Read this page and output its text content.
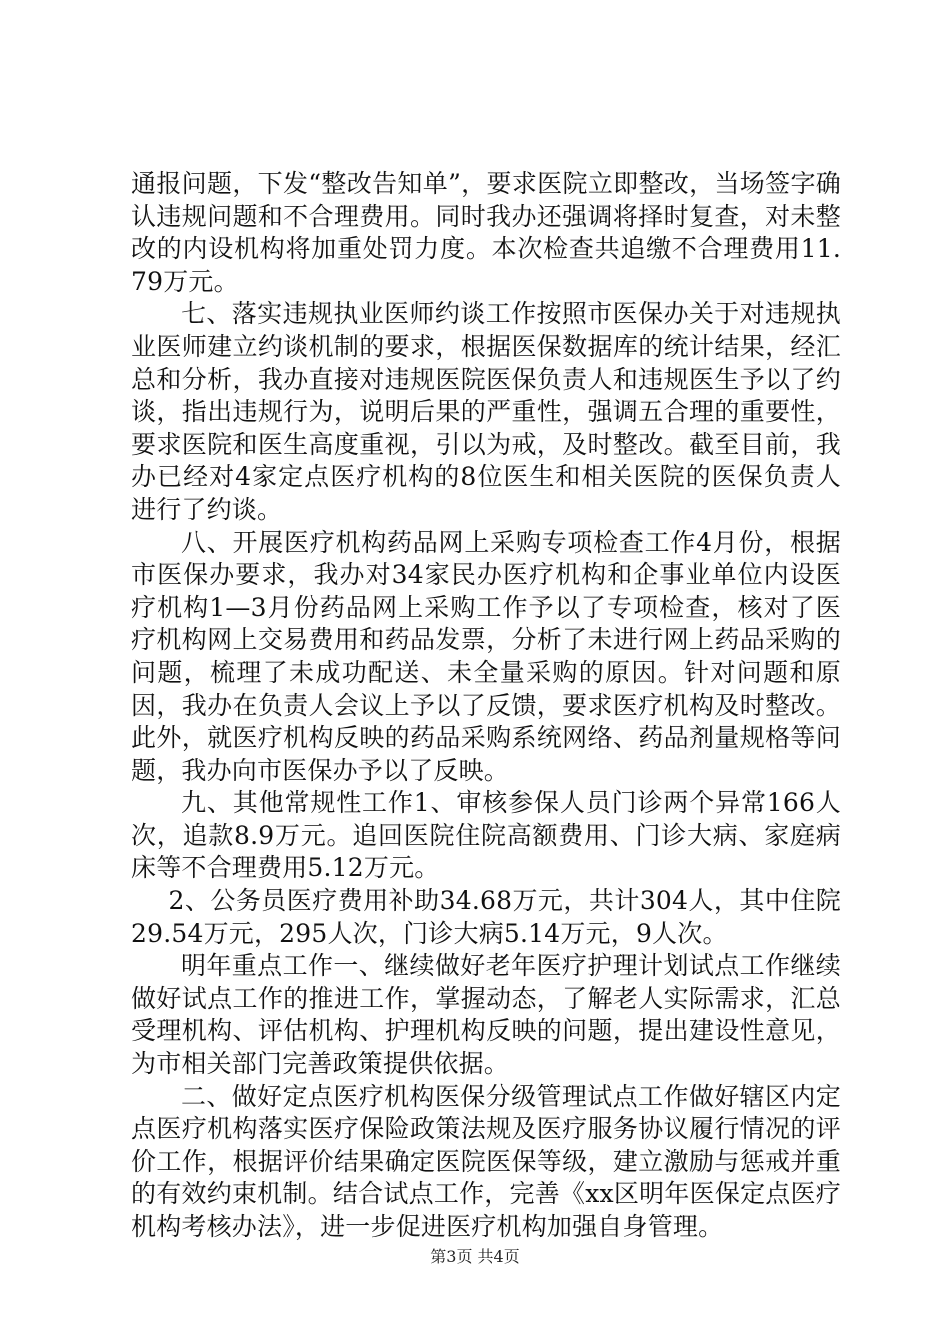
通报问题，下发“整改告知单”，要求医院立即整改，当场签字确认违规问题和不合理费用。同时我办还强调将择时复查，对未整改的内设机构将加重处罚力度。本次检查共追缴不合理费用11.79万元。

七、落实违规执业医师约谈工作按照市医保办关于对违规执业医师建立约谈机制的要求，根据医保数据库的统计结果，经汇总和分析，我办直接对违规医院医保负责人和违规医生予以了约谈，指出违规行为，说明后果的严重性，强调五合理的重要性，要求医院和医生高度重视，引以为戒，及时整改。截至目前，我办已经对4家定点医疗机构的8位医生和相关医院的医保负责人进行了约谈。

八、开展医疗机构药品网上采购专项检查工作4月份，根据市医保办要求，我办对34家民办医疗机构和企事业单位内设医疗机构1—3月份药品网上采购工作予以了专项检查，核对了医疗机构网上交易费用和药品发票，分析了未进行网上药品采购的问题，梳理了未成功配送、未全量采购的原因。针对问题和原因，我办在负责人会议上予以了反馈，要求医疗机构及时整改。此外，就医疗机构反映的药品采购系统网络、药品剂量规格等问题，我办向市医保办予以了反映。

九、其他常规性工作1、审核参保人员门诊两个异常166人次，追款8.9万元。追回医院住院高额费用、门诊大病、家庭病床等不合理费用5.12万元。

2、公务员医疗费用补助34.68万元，共计304人，其中住院29.54万元，295人次，门诊大病5.14万元，9人次。

明年重点工作一、继续做好老年医疗护理计划试点工作继续做好试点工作的推进工作，掌握动态，了解老人实际需求，汇总受理机构、评估机构、护理机构反映的问题，提出建设性意见，为市相关部门完善政策提供依据。

二、做好定点医疗机构医保分级管理试点工作做好辖区内定点医疗机构落实医疗保险政策法规及医疗服务协议履行情况的评价工作，根据评价结果确定医院医保等级，建立激励与惩戒并重的有效约束机制。结合试点工作，完善《xx区明年医保定点医疗机构考核办法》，进一步促进医疗机构加强自身管理。

第3页 共4页
